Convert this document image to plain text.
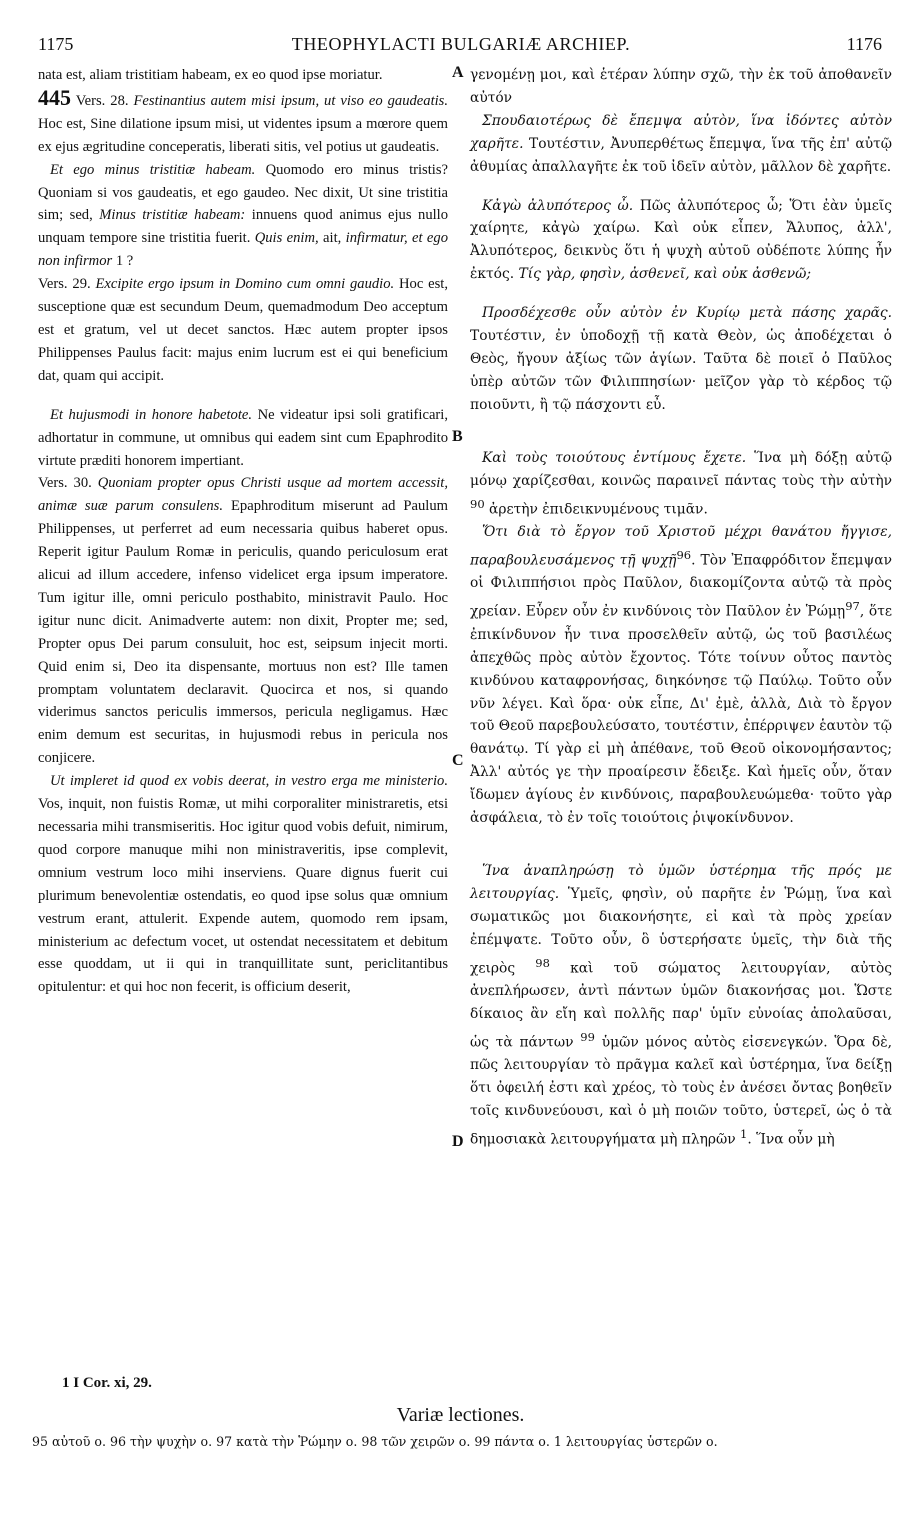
1175	THEOPHYLACTI BULGARIÆ ARCHIEP.	1176
A
B
C
D

nata est, aliam tristitiam habeam, ex eo quod ipse moriatur.

445 Vers. 28. Festinantius autem misi ipsum, ut viso eo gaudeatis. Hoc est, Sine dilatione ipsum misi, ut videntes ipsum a mœrore quem ex ejus ægritudine conceperatis, liberati sitis, vel potius ut gaudeatis.

Et ego minus tristitiæ habeam. Quomodo ero minus tristis? Quoniam si vos gaudeatis, et ego gaudeo. Nec dixit, Ut sine tristitia sim; sed, Minus tristitiæ habeam: innuens quod animus ejus nullo unquam tempore sine tristitia fuerit. Quis enim, ait, infirmatur, et ego non infirmor 1 ?

Vers. 29. Excipite ergo ipsum in Domino cum omni gaudio. Hoc est, susceptione quæ est secundum Deum, quemadmodum Deo acceptum est et gratum, vel ut decet sanctos. Hæc autem propter ipsos Philippenses Paulus facit: majus enim lucrum est ei qui beneficium dat, quam qui accipit.

Et hujusmodi in honore habetote. Ne videatur ipsi soli gratificari, adhortatur in commune, ut omnibus qui eadem sint cum Epaphrodito virtute præditi honorem impertiant.

Vers. 30. Quoniam propter opus Christi usque ad mortem accessit, animæ suæ parum consulens. Epaphroditum miserunt ad Paulum Philippenses, ut perferret ad eum necessaria quibus haberet opus. Reperit igitur Paulum Romæ in periculis, quando periculosum erat alicui ad illum accedere, infenso videlicet erga ipsum imperatore. Tum igitur ille, omni periculo posthabito, ministravit Paulo. Hoc igitur nunc dicit. Animadverte autem: non dixit, Propter me; sed, Propter opus Dei parum consuluit, hoc est, seipsum injecit morti. Quid enim si, Deo ita dispensante, mortuus non est? Ille tamen promptam voluntatem declaravit. Quocirca et nos, si quando viderimus sanctos periculis immersos, pericula negligamus. Hæc enim demum est securitas, in hujusmodi rebus in pericula nos conjicere.

Ut impleret id quod ex vobis deerat, in vestro erga me ministerio. Vos, inquit, non fuistis Romæ, ut mihi corporaliter ministraretis, etsi necessaria mihi transmiseritis. Hoc igitur quod vobis defuit, nimirum, quod corpore manuque mihi non ministraveritis, ipse complevit, omnium vestrum loco mihi inserviens. Quare dignus fuerit cui plurimum benevolentiæ ostendatis, eo quod ipse solus quæ omnium vestrum erant, attulerit. Expende autem, quomodo rem ipsam, ministerium ac defectum vocet, ut ostendat necessitatem et debitum esse quoddam, ut ii qui in tranquillitate sunt, periclitantibus opitulentur: et qui hoc non fecerit, is officium deserit,

γενομένῃ μοι, καὶ ἑτέραν λύπην σχῶ, τὴν ἐκ τοῦ ἀποθανεῖν αὐτόν

Σπουδαιοτέρως δὲ ἔπεμψα αὐτὸν, ἵνα ἰδόντες αὐτὸν χαρῆτε. Τουτέστιν, Ἀνυπερθέτως ἔπεμψα, ἵνα τῆς ἐπ' αὐτῷ ἀθυμίας ἀπαλλαγῆτε ἐκ τοῦ ἰδεῖν αὐτὸν, μᾶλλον δὲ χαρῆτε.

Κἀγὼ ἀλυπότερος ὦ. Πῶς ἀλυπότερος ὦ; Ὅτι ἐὰν ὑμεῖς χαίρητε, κἀγὼ χαίρω. Καὶ οὐκ εἶπεν, Ἄλυπος, ἀλλ', Ἀλυπότερος, δεικνὺς ὅτι ἡ ψυχὴ αὐτοῦ οὐδέποτε λύπης ἦν ἐκτός. Τίς γὰρ, φησὶν, ἀσθενεῖ, καὶ οὐκ ἀσθενῶ;

Προσδέχεσθε οὖν αὐτὸν ἐν Κυρίῳ μετὰ πάσης χαρᾶς. Τουτέστιν, ἐν ὑποδοχῇ τῇ κατὰ Θεὸν, ὡς ἀποδέχεται ὁ Θεὸς, ἤγουν ἀξίως τῶν ἁγίων. Ταῦτα δὲ ποιεῖ ὁ Παῦλος ὑπὲρ αὐτῶν τῶν Φιλιππησίων· μεῖζον γὰρ τὸ κέρδος τῷ ποιοῦντι, ἢ τῷ πάσχοντι εὖ.

Καὶ τοὺς τοιούτους ἐντίμους ἔχετε. Ἵνα μὴ δόξῃ αὐτῷ μόνῳ χαρίζεσθαι, κοινῶς παραινεῖ πάντας τοὺς τὴν αὐτὴν $^{90}$ ἀρετὴν ἐπιδεικνυμένους τιμᾶν.

Ὅτι διὰ τὸ ἔργον τοῦ Χριστοῦ μέχρι θανάτου ἤγγισε, παραβουλευσάμενος τῇ ψυχῇ$^{96}$. Τὸν Ἐπαφρόδιτον ἔπεμψαν οἱ Φιλιππήσιοι πρὸς Παῦλον, διακομίζοντα αὐτῷ τὰ πρὸς χρείαν. Εὗρεν οὖν ἐν κινδύνοις τὸν Παῦλον ἐν Ῥώμῃ$^{97}$, ὅτε ἐπικίνδυνον ἦν τινα προσελθεῖν αὐτῷ, ὡς τοῦ βασιλέως ἀπεχθῶς πρὸς αὐτὸν ἔχοντος. Τότε τοίνυν οὗτος παντὸς κινδύνου καταφρονήσας, διηκόνησε τῷ Παύλῳ. Τοῦτο οὖν νῦν λέγει. Καὶ ὅρα· οὐκ εἶπε, Δι' ἐμὲ, ἀλλὰ, Διὰ τὸ ἔργον τοῦ Θεοῦ παρεβουλεύσατο, τουτέστιν, ἐπέρριψεν ἑαυτὸν τῷ θανάτῳ. Τί γὰρ εἰ μὴ ἀπέθανε, τοῦ Θεοῦ οἰκονομήσαντος; Ἀλλ' αὐτός γε τὴν προαίρεσιν ἔδειξε. Καὶ ἡμεῖς οὖν, ὅταν ἴδωμεν ἁγίους ἐν κινδύνοις, παραβουλευώμεθα· τοῦτο γὰρ ἀσφάλεια, τὸ ἐν τοῖς τοιούτοις ῥιψοκίνδυνον.

Ἵνα ἀναπληρώσῃ τὸ ὑμῶν ὑστέρημα τῆς πρός με λειτουργίας. Ὑμεῖς, φησὶν, οὐ παρῆτε ἐν Ῥώμῃ, ἵνα καὶ σωματικῶς μοι διακονήσητε, εἰ καὶ τὰ πρὸς χρείαν ἐπέμψατε. Τοῦτο οὖν, ὃ ὑστερήσατε ὑμεῖς, τὴν διὰ τῆς χειρὸς $^{98}$ καὶ τοῦ σώματος λειτουργίαν, αὐτὸς ἀνεπλήρωσεν, ἀντὶ πάντων ὑμῶν διακονήσας μοι. Ὥστε δίκαιος ἂν εἴη καὶ πολλῆς παρ' ὑμῖν εὐνοίας ἀπολαῦσαι, ὡς τὰ πάντων $^{99}$ ὑμῶν μόνος αὐτὸς εἰσενεγκών. Ὅρα δὲ, πῶς λειτουργίαν τὸ πρᾶγμα καλεῖ καὶ ὑστέρημα, ἵνα δείξῃ ὅτι ὀφειλή ἐστι καὶ χρέος, τὸ τοὺς ἐν ἀνέσει ὄντας βοηθεῖν τοῖς κινδυνεύουσι, καὶ ὁ μὴ ποιῶν τοῦτο, ὑστερεῖ, ὡς ὁ τὰ δημοσιακὰ λειτουργήματα μὴ πληρῶν $^1$. Ἵνα οὖν μὴ

1 I Cor. xi, 29.
Variæ lectiones.
95 αὐτοῦ ο. 96 τὴν ψυχὴν ο. 97 κατὰ τὴν Ῥώμην ο. 98 τῶν χειρῶν ο. 99 πάντα ο. 1 λειτουργίας ὑστερῶν ο.
